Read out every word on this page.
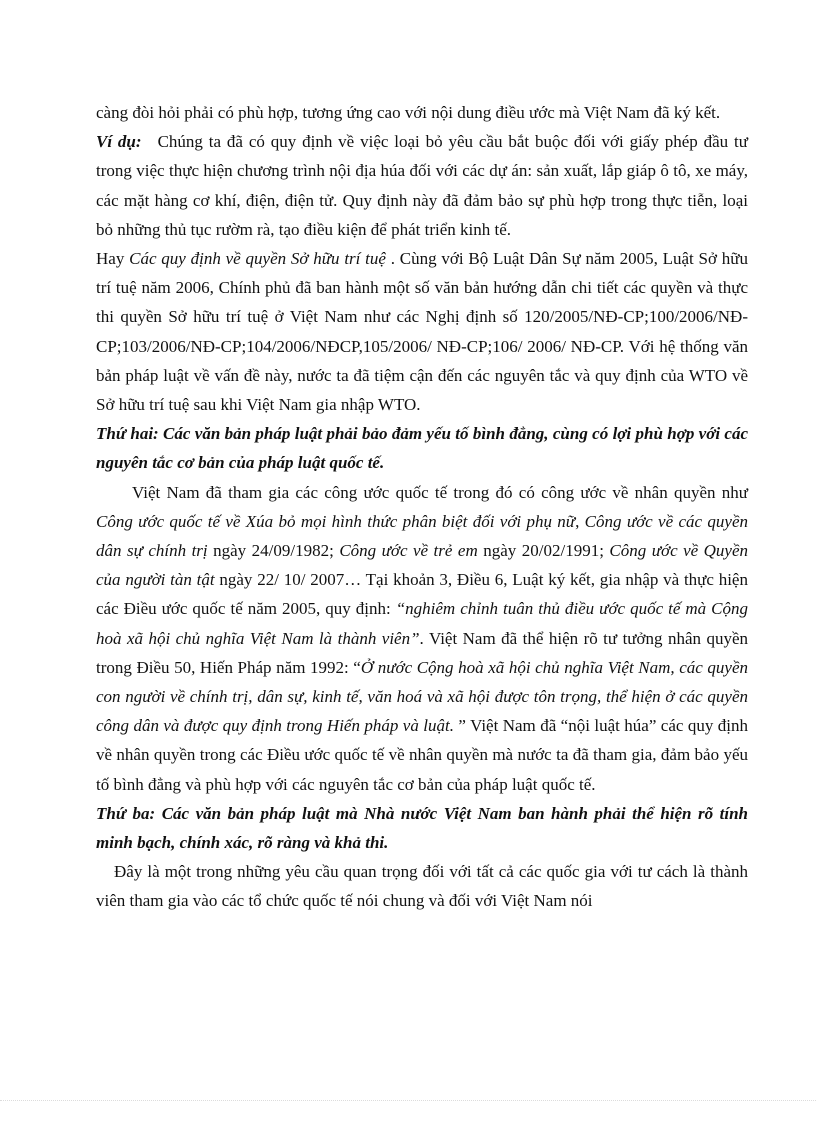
càng đòi hỏi phải có phù hợp, tương ứng cao với nội dung điều ước mà Việt Nam đã ký kết.

Ví dụ: Chúng ta đã có quy định về việc loại bỏ yêu cầu bắt buộc đối với giấy phép đầu tư trong việc thực hiện chương trình nội địa húa đối với các dự án: sản xuất, lắp giáp ô tô, xe máy, các mặt hàng cơ khí, điện, điện tử. Quy định này đã đảm bảo sự phù hợp trong thực tiễn, loại bỏ những thủ tục rườm rà, tạo điều kiện để phát triển kinh tế.

Hay Các quy định về quyền Sở hữu trí tuệ . Cùng với Bộ Luật Dân Sự năm 2005, Luật Sở hữu trí tuệ năm 2006, Chính phủ đã ban hành một số văn bản hướng dẫn chi tiết các quyền và thực thi quyền Sở hữu trí tuệ ở Việt Nam như các Nghị định số 120/2005/NĐ-CP;100/2006/NĐ-CP;103/2006/NĐ-CP;104/2006/NĐCP,105/2006/ NĐ-CP;106/ 2006/ NĐ-CP. Với hệ thống văn bản pháp luật về vấn đề này, nước ta đã tiệm cận đến các nguyên tắc và quy định của WTO về Sở hữu trí tuệ sau khi Việt Nam gia nhập WTO.

Thứ hai: Các văn bản pháp luật phải bảo đảm yếu tố bình đẳng, cùng có lợi phù hợp với các nguyên tắc cơ bản của pháp luật quốc tế.

Việt Nam đã tham gia các công ước quốc tế trong đó có công ước về nhân quyền như Công ước quốc tế về Xúa bỏ mọi hình thức phân biệt đối với phụ nữ, Công ước về các quyền dân sự chính trị ngày 24/09/1982; Công ước về trẻ em ngày 20/02/1991; Công ước về Quyền của người tàn tật ngày 22/ 10/ 2007… Tại khoản 3, Điều 6, Luật ký kết, gia nhập và thực hiện các Điều ước quốc tế năm 2005, quy định: “nghiêm chỉnh tuân thủ điều ước quốc tế mà Cộng hoà xã hội chủ nghĩa Việt Nam là thành viên”. Việt Nam đã thể hiện rõ tư tưởng nhân quyền trong Điều 50, Hiến Pháp năm 1992: “Ở nước Cộng hoà xã hội chủ nghĩa Việt Nam, các quyền con người về chính trị, dân sự, kinh tế, văn hoá và xã hội được tôn trọng, thể hiện ở các quyền công dân và được quy định trong Hiến pháp và luật. ” Việt Nam đã “nội luật húa” các quy định về nhân quyền trong các Điều ước quốc tế về nhân quyền mà nước ta đã tham gia, đảm bảo yếu tố bình đẳng và phù hợp với các nguyên tắc cơ bản của pháp luật quốc tế.

Thứ ba: Các văn bản pháp luật mà Nhà nước Việt Nam ban hành phải thể hiện rõ tính minh bạch, chính xác, rõ ràng và khả thi.

Đây là một trong những yêu cầu quan trọng đối với tất cả các quốc gia với tư cách là thành viên tham gia vào các tổ chức quốc tế nói chung và đối với Việt Nam nói
